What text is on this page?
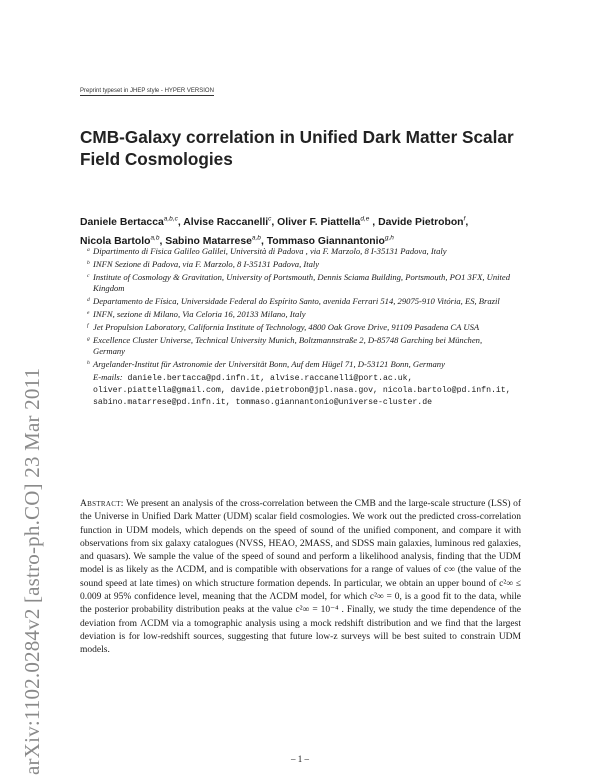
arXiv:1102.0284v2 [astro-ph.CO] 23 Mar 2011
Preprint typeset in JHEP style - HYPER VERSION
CMB-Galaxy correlation in Unified Dark Matter Scalar Field Cosmologies
Daniele Bertacca$^{a,b,c}$, Alvise Raccanelli$^c$, Oliver F. Piattella$^{d,e}$ , Davide Pietrobon$^f$,
Nicola Bartolo$^{a,b}$, Sabino Matarrese$^{a,b}$, Tommaso Giannantonio$^{g,h}$
a Dipartimento di Fisica Galileo Galilei, Università di Padova , via F. Marzolo, 8 I-35131 Padova, Italy
b INFN Sezione di Padova, via F. Marzolo, 8 I-35131 Padova, Italy
c Institute of Cosmology & Gravitation, University of Portsmouth, Dennis Sciama Building, Portsmouth, PO1 3FX, United Kingdom
d Departamento de Física, Universidade Federal do Espírito Santo, avenida Ferrari 514, 29075-910 Vitória, ES, Brazil
e INFN, sezione di Milano, Via Celoria 16, 20133 Milano, Italy
f Jet Propulsion Laboratory, California Institute of Technology, 4800 Oak Grove Drive, 91109 Pasadena CA USA
g Excellence Cluster Universe, Technical University Munich, Boltzmannstraße 2, D-85748 Garching bei München, Germany
h Argelander-Institut für Astronomie der Universität Bonn, Auf dem Hügel 71, D-53121 Bonn, Germany
E-mails: daniele.bertacca@pd.infn.it, alvise.raccanelli@port.ac.uk, oliver.piattella@gmail.com, davide.pietrobon@jpl.nasa.gov, nicola.bartolo@pd.infn.it, sabino.matarrese@pd.infn.it, tommaso.giannantonio@universe-cluster.de
Abstract: We present an analysis of the cross-correlation between the CMB and the large-scale structure (LSS) of the Universe in Unified Dark Matter (UDM) scalar field cosmologies. We work out the predicted cross-correlation function in UDM models, which depends on the speed of sound of the unified component, and compare it with observations from six galaxy catalogues (NVSS, HEAO, 2MASS, and SDSS main galaxies, luminous red galaxies, and quasars). We sample the value of the speed of sound and perform a likelihood analysis, finding that the UDM model is as likely as the ΛCDM, and is compatible with observations for a range of values of c∞ (the value of the sound speed at late times) on which structure formation depends. In particular, we obtain an upper bound of c²∞ ≤ 0.009 at 95% confidence level, meaning that the ΛCDM model, for which c²∞ = 0, is a good fit to the data, while the posterior probability distribution peaks at the value c²∞ = 10⁻⁴ . Finally, we study the time dependence of the deviation from ΛCDM via a tomographic analysis using a mock redshift distribution and we find that the largest deviation is for low-redshift sources, suggesting that future low-z surveys will be best suited to constrain UDM models.
– 1 –
